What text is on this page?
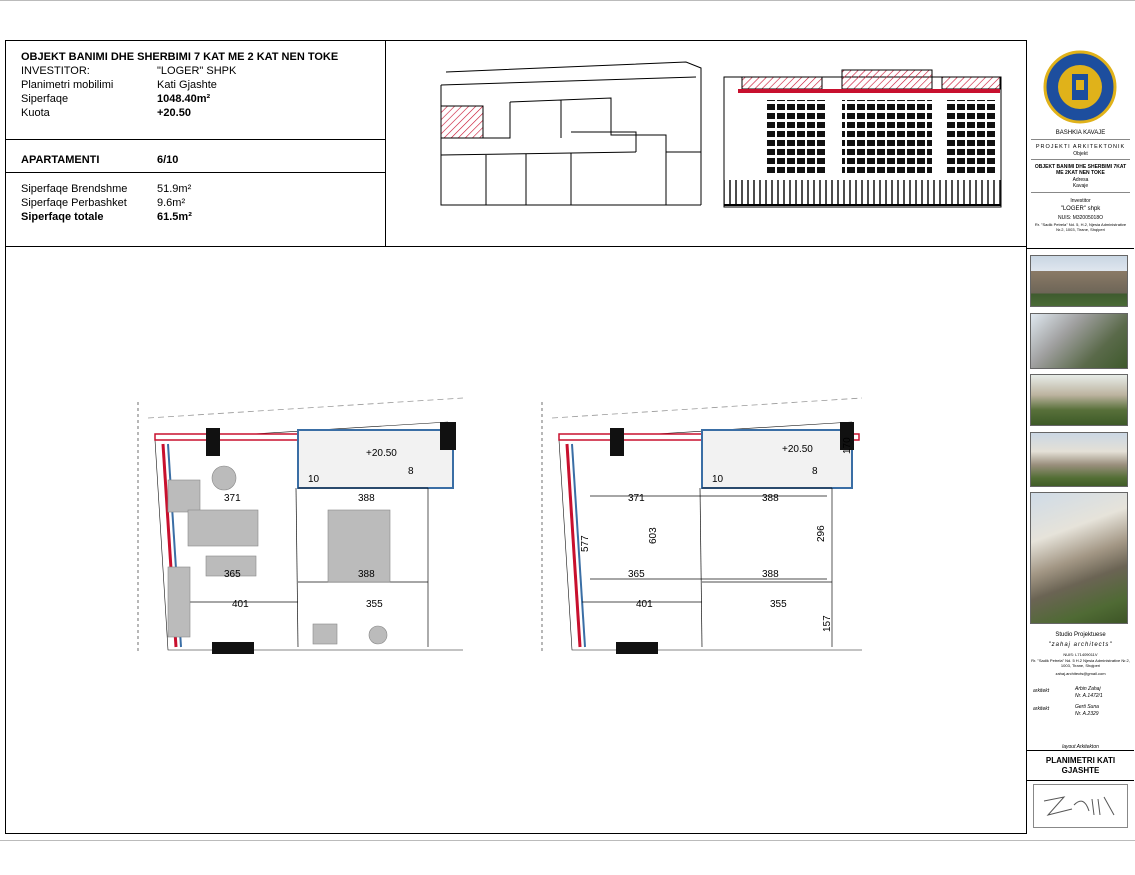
OBJEKT BANIMI DHE SHERBIMI 7 KAT ME 2 KAT NEN TOKE
INVESTITOR:	"LOGER" SHPK
Planimetri mobilimi	Kati Gjashte
Siperfaqe	1048.40m²
Kuota	+20.50
APARTAMENTI	6/10
Siperfaqe Brendshme	51.9m²
Siperfaqe Perbashket	9.6m²
Siperfaqe totale	61.5m²
+20.50
371	388
365	388
401	355
10
8
+20.50
371	388
577	603	296
365	388
401	355
10
8
170
157
BASHKIA KAVAJE
PROJEKTI ARKITEKTONIK
Objekt
OBJEKT BANIMI DHE SHERBIMI 7KAT ME 2KAT NEN TOKE
Adresa
Kavaje
Investitor
"LOGER" shpk
NUIS: M32005018O
Rr. "Sadik Petrela" Nd. 5, H.2, Njesia Administrative Nr.2, 1003, Tirane, Shqiperi
Studio Projektuese
"zahaj architects"
NUIS: L71409011V
Rr. "Sadik Petrela" Nd. 5 H.2 Njesia Administrative Nr.2, 1003, Tirane, Shqiperi
zahaj.architects@gmail.com
arkitekt	Arbin Zahaj
Nr. A.1472/1
arkitekt	Gerti Suna
Nr. A.2329
layout Arkitekton
PLANIMETRI KATI GJASHTE
